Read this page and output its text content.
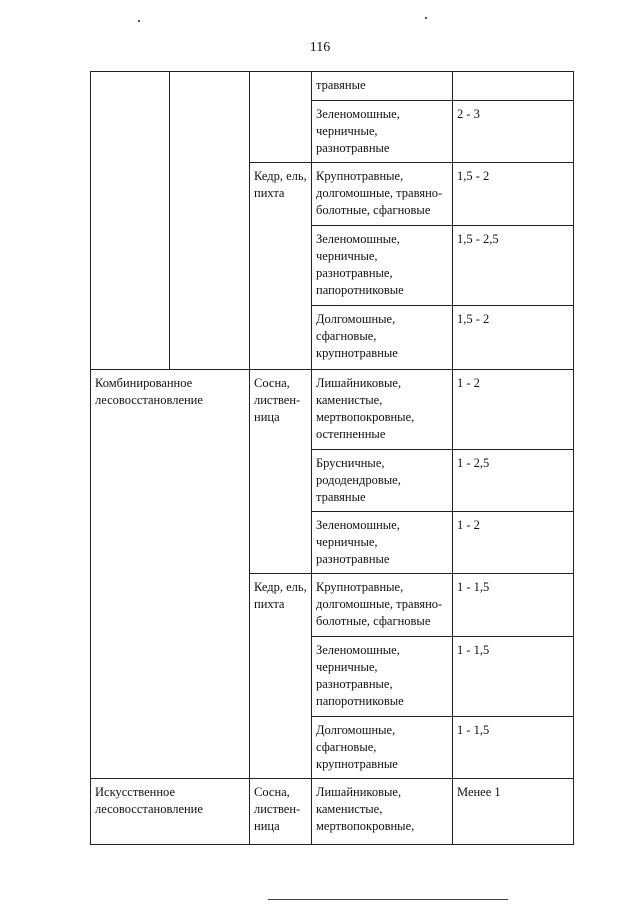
116
			травяные	
			Зеленомошные, черничные, разнотравные	2 - 3
		Кедр, ель, пихта	Крупнотравные, долгомошные, травяно-болотные, сфагновые	1,5 - 2
			Зеленомошные, черничные, разнотравные, папоротниковые	1,5 - 2,5
			Долгомошные, сфагновые, крупнотравные	1,5 - 2
Комбинированное лесовосстановление		Сосна, листвен-ница	Лишайниковые, каменистые, мертвопокровные, остепненные	1 - 2
			Брусничные, рододендровые, травяные	1 - 2,5
			Зеленомошные, черничные, разнотравные	1 - 2
		Кедр, ель, пихта	Крупнотравные, долгомошные, травяно-болотные, сфагновые	1 - 1,5
			Зеленомошные, черничные, разнотравные, папоротниковые	1 - 1,5
			Долгомошные, сфагновые, крупнотравные	1 - 1,5
Искусственное лесовосстановление		Сосна, листвен-ница	Лишайниковые, каменистые, мертвопокровные,	Менее 1
